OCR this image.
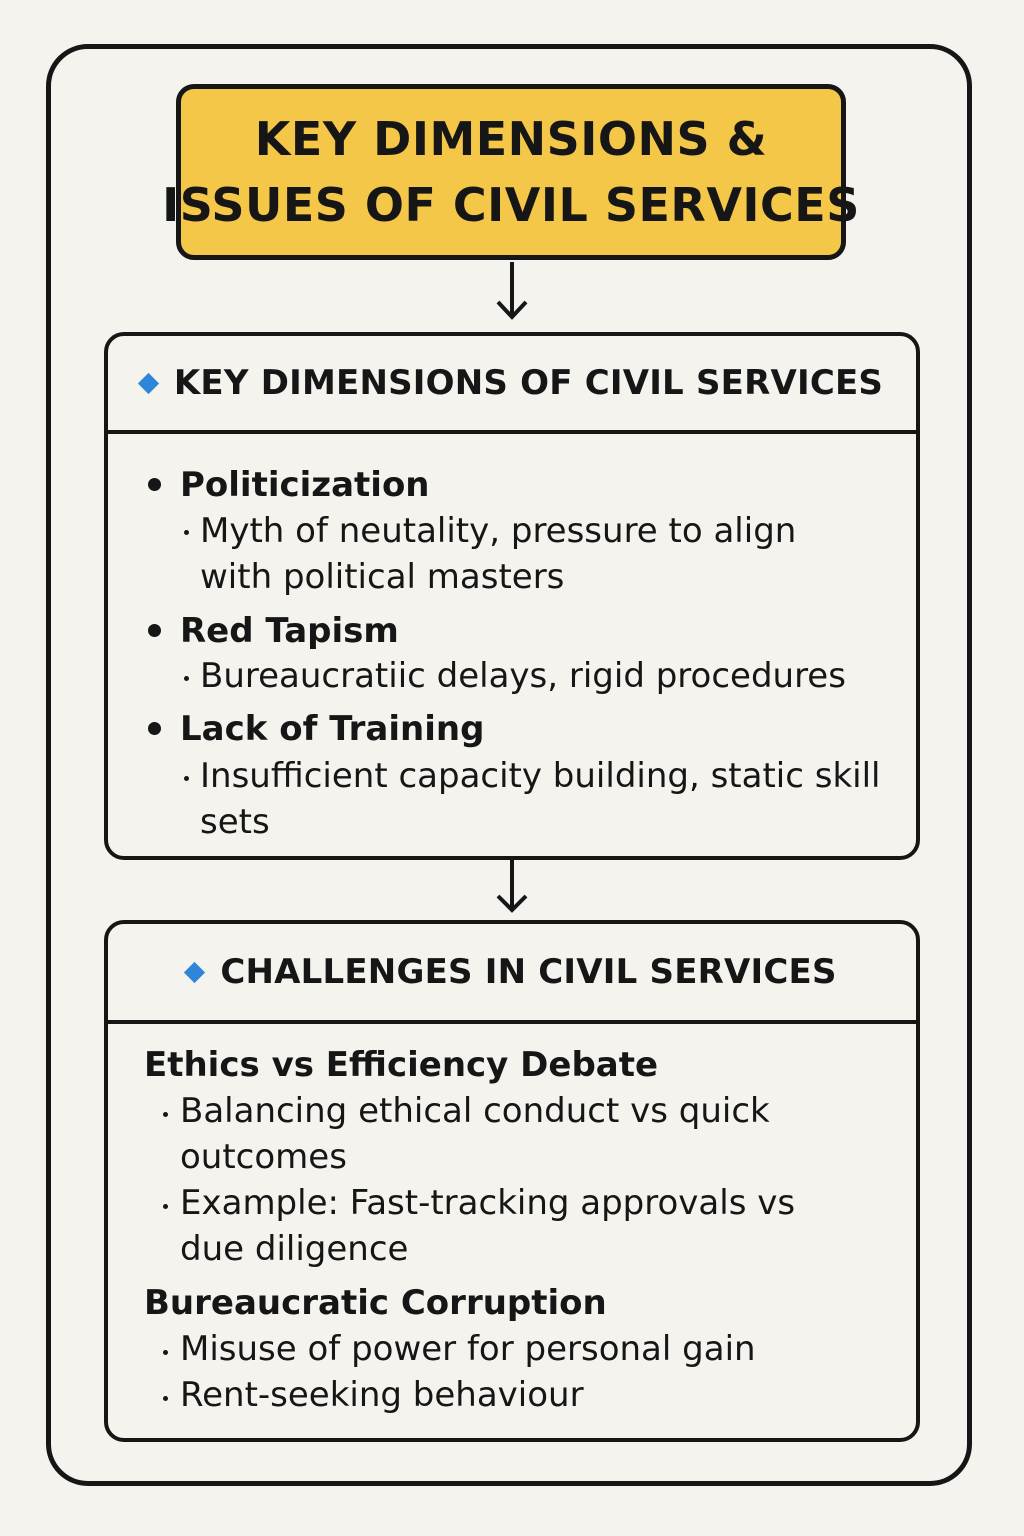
KEY DIMENSIONS &
ISSUES OF CIVIL SERVICES
KEY DIMENSIONS OF CIVIL SERVICES
Politicization
Myth of neutality, pressure to align
with political masters
Red Tapism
Bureaucratiic delays, rigid procedures
Lack of Training
Insufficient capacity building, static skill
sets
CHALLENGES IN CIVIL SERVICES
Ethics vs Efficiency Debate
Balancing ethical conduct vs quick
outcomes
Example: Fast-tracking approvals vs
due diligence
Bureaucratic Corruption
Misuse of power for personal gain
Rent-seeking behaviour
